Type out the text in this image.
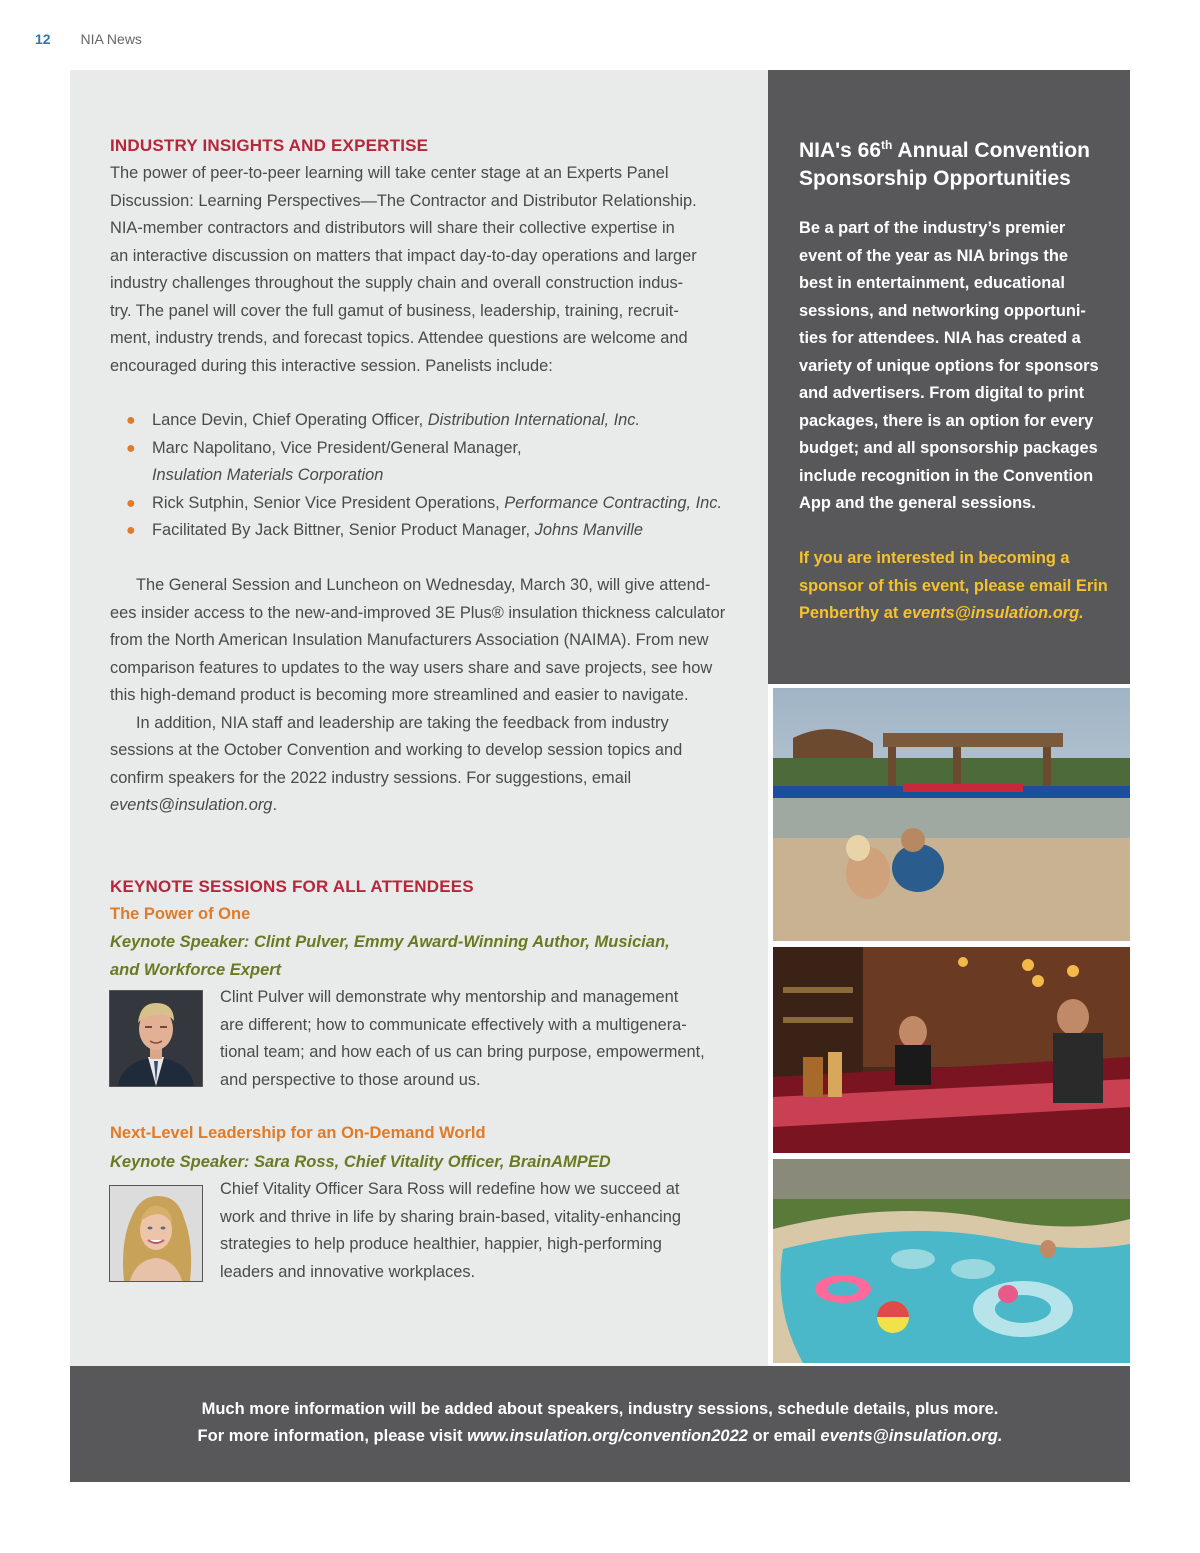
12 NIA News
INDUSTRY INSIGHTS AND EXPERTISE
The power of peer-to-peer learning will take center stage at an Experts Panel
Discussion: Learning Perspectives—The Contractor and Distributor Relationship.
NIA-member contractors and distributors will share their collective expertise in
an interactive discussion on matters that impact day-to-day operations and larger
industry challenges throughout the supply chain and overall construction indus-
try. The panel will cover the full gamut of business, leadership, training, recruit-
ment, industry trends, and forecast topics. Attendee questions are welcome and
encouraged during this interactive session. Panelists include:
● Lance Devin, Chief Operating Officer, Distribution International, Inc.
● Marc Napolitano, Vice President/General Manager,
Insulation Materials Corporation
● Rick Sutphin, Senior Vice President Operations, Performance Contracting, Inc.
● Facilitated By Jack Bittner, Senior Product Manager, Johns Manville
The General Session and Luncheon on Wednesday, March 30, will give attend-
ees insider access to the new-and-improved 3E Plus® insulation thickness calculator
from the North American Insulation Manufacturers Association (NAIMA). From new
comparison features to updates to the way users share and save projects, see how
this high-demand product is becoming more streamlined and easier to navigate.
In addition, NIA staff and leadership are taking the feedback from industry
sessions at the October Convention and working to develop session topics and
confirm speakers for the 2022 industry sessions. For suggestions, email
events@insulation.org.
KEYNOTE SESSIONS FOR ALL ATTENDEES
The Power of One
Keynote Speaker: Clint Pulver, Emmy Award-Winning Author, Musician,
and Workforce Expert
Clint Pulver will demonstrate why mentorship and management
are different; how to communicate effectively with a multigenera-
tional team; and how each of us can bring purpose, empowerment,
and perspective to those around us.
Next-Level Leadership for an On-Demand World
Keynote Speaker: Sara Ross, Chief Vitality Officer, BrainAMPED
Chief Vitality Officer Sara Ross will redefine how we succeed at
work and thrive in life by sharing brain-based, vitality-enhancing
strategies to help produce healthier, happier, high-performing
leaders and innovative workplaces.
NIA's 66th Annual Convention
Sponsorship Opportunities
Be a part of the industry’s premier
event of the year as NIA brings the
best in entertainment, educational
sessions, and networking opportuni-
ties for attendees. NIA has created a
variety of unique options for sponsors
and advertisers. From digital to print
packages, there is an option for every
budget; and all sponsorship packages
include recognition in the Convention
App and the general sessions.
If you are interested in becoming a
sponsor of this event, please email Erin
Penberthy at events@insulation.org.
Much more information will be added about speakers, industry sessions, schedule details, plus more.
For more information, please visit www.insulation.org/convention2022 or email events@insulation.org.
